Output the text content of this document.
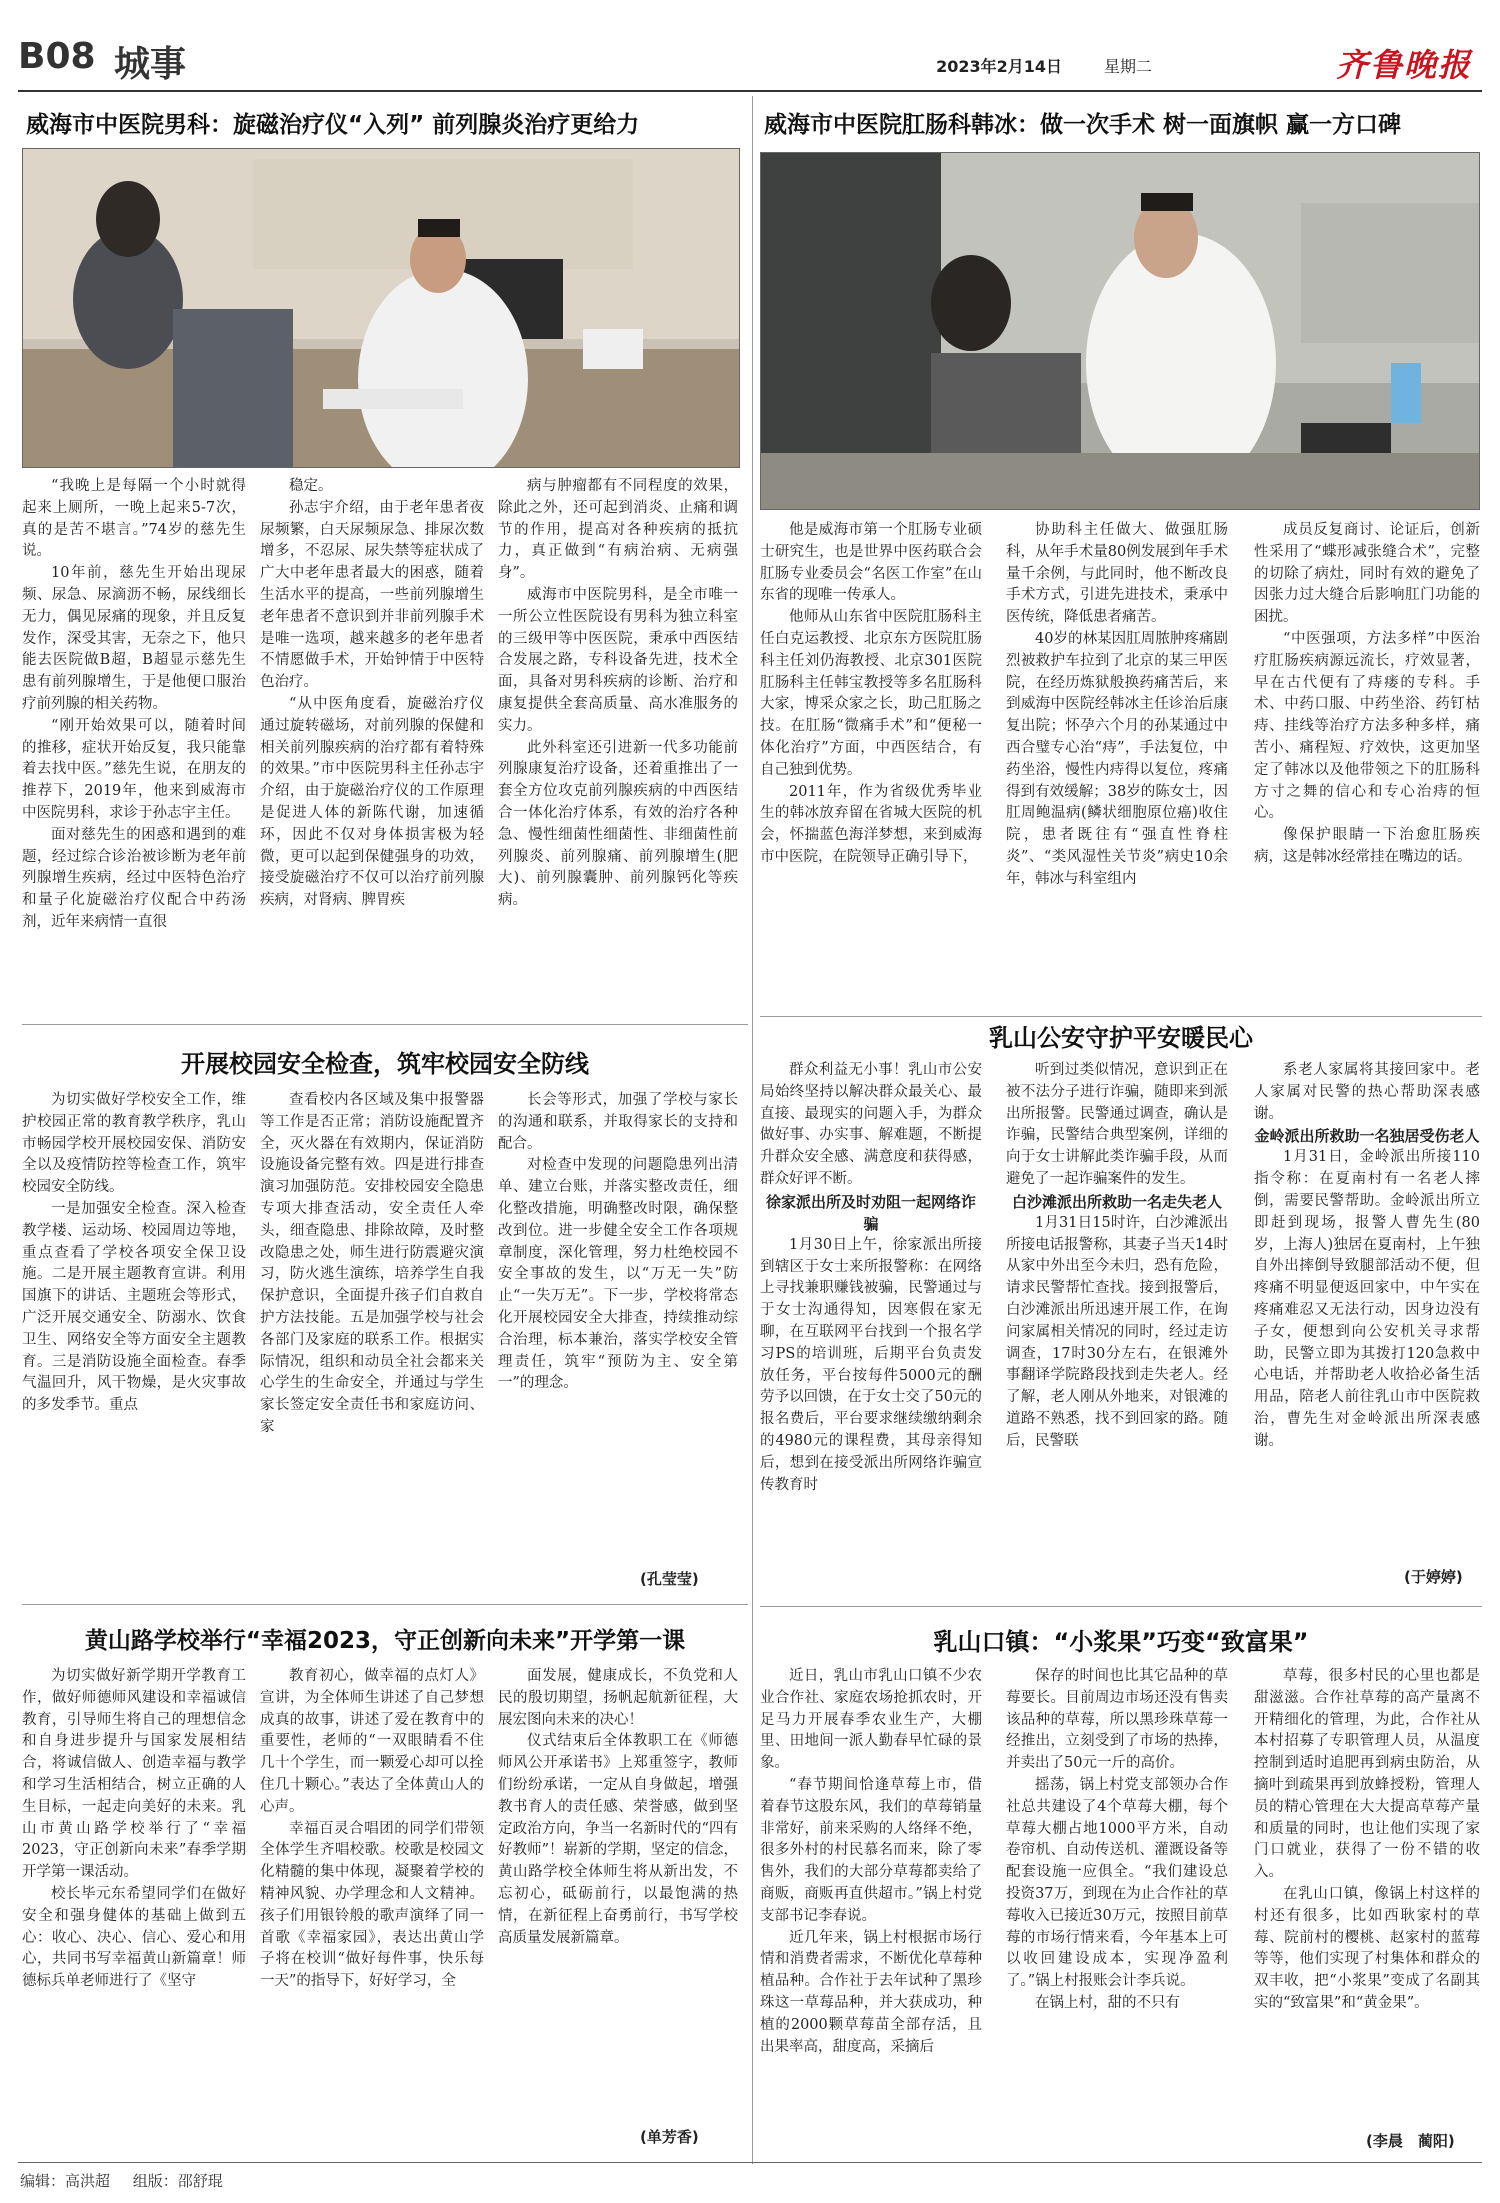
B08 城事	2023年2月14日	星期二	齐鲁晚报
威海市中医院男科：旋磁治疗仪“入列” 前列腺炎治疗更给力

“我晚上是每隔一个小时就得起来上厕所，一晚上起来5-7次，真的是苦不堪言。”74岁的慈先生说。

10年前，慈先生开始出现尿频、尿急、尿滴沥不畅，尿线细长无力，偶见尿痛的现象，并且反复发作，深受其害，无奈之下，他只能去医院做B超，B超显示慈先生患有前列腺增生，于是他便口服治疗前列腺的相关药物。

“刚开始效果可以，随着时间的推移，症状开始反复，我只能靠着去找中医。”慈先生说，在朋友的推荐下，2019年，他来到威海市中医院男科，求诊于孙志宇主任。

面对慈先生的困惑和遇到的难题，经过综合诊治被诊断为老年前列腺增生疾病，经过中医特色治疗和量子化旋磁治疗仪配合中药汤剂，近年来病情一直很

稳定。

孙志宇介绍，由于老年患者夜尿频繁，白天尿频尿急、排尿次数增多，不忍尿、尿失禁等症状成了广大中老年患者最大的困惑，随着生活水平的提高，一些前列腺增生老年患者不意识到并非前列腺手术是唯一选项，越来越多的老年患者不情愿做手术，开始钟情于中医特色治疗。

“从中医角度看，旋磁治疗仪通过旋转磁场，对前列腺的保健和相关前列腺疾病的治疗都有着特殊的效果。”市中医院男科主任孙志宇介绍，由于旋磁治疗仪的工作原理是促进人体的新陈代谢，加速循环，因此不仅对身体损害极为轻微，更可以起到保健强身的功效，接受旋磁治疗不仅可以治疗前列腺疾病，对肾病、脾胃疾

病与肿瘤都有不同程度的效果，除此之外，还可起到消炎、止痛和调节的作用，提高对各种疾病的抵抗力，真正做到“有病治病、无病强身”。

威海市中医院男科，是全市唯一一所公立性医院设有男科为独立科室的三级甲等中医医院，秉承中西医结合发展之路，专科设备先进，技术全面，具备对男科疾病的诊断、治疗和康复提供全套高质量、高水准服务的实力。

此外科室还引进新一代多功能前列腺康复治疗设备，还着重推出了一套全方位攻克前列腺疾病的中西医结合一体化治疗体系，有效的治疗各种急、慢性细菌性细菌性、非细菌性前列腺炎、前列腺痛、前列腺增生(肥大)、前列腺囊肿、前列腺钙化等疾病。

威海市中医院肛肠科韩冰：做一次手术 树一面旗帜 赢一方口碑

他是威海市第一个肛肠专业硕士研究生，也是世界中医药联合会肛肠专业委员会“名医工作室”在山东省的现唯一传承人。

他师从山东省中医院肛肠科主任白克运教授、北京东方医院肛肠科主任刘仍海教授、北京301医院肛肠科主任韩宝教授等多名肛肠科大家，博采众家之长，助己肛肠之技。在肛肠“微痛手术”和“便秘一体化治疗”方面，中西医结合，有自己独到优势。

2011年，作为省级优秀毕业生的韩冰放弃留在省城大医院的机会，怀揣蓝色海洋梦想，来到威海市中医院，在院领导正确引导下，

协助科主任做大、做强肛肠科，从年手术量80例发展到年手术量千余例，与此同时，他不断改良手术方式，引进先进技术，秉承中医传统，降低患者痛苦。

40岁的林某因肛周脓肿疼痛剧烈被救护车拉到了北京的某三甲医院，在经历炼狱般换药痛苦后，来到威海中医院经韩冰主任诊治后康复出院；怀孕六个月的孙某通过中西合璧专心治“痔”，手法复位，中药坐浴，慢性内痔得以复位，疼痛得到有效缓解；38岁的陈女士，因肛周鲍温病(鳞状细胞原位癌)收住院，患者既往有“强直性脊柱炎”、“类风湿性关节炎”病史10余年，韩冰与科室组内

成员反复商讨、论证后，创新性采用了“蝶形减张缝合术”，完整的切除了病灶，同时有效的避免了因张力过大缝合后影响肛门功能的困扰。

“中医强项，方法多样”中医治疗肛肠疾病源远流长，疗效显著，早在古代便有了痔瘘的专科。手术、中药口服、中药坐浴、药钉枯痔、挂线等治疗方法多种多样，痛苦小、痛程短、疗效快，这更加坚定了韩冰以及他带领之下的肛肠科方寸之舞的信心和专心治痔的恒心。

像保护眼睛一下治愈肛肠疾病，这是韩冰经常挂在嘴边的话。

开展校园安全检查，筑牢校园安全防线

为切实做好学校安全工作，维护校园正常的教育教学秩序，乳山市畅园学校开展校园安保、消防安全以及疫情防控等检查工作，筑牢校园安全防线。

一是加强安全检查。深入检查教学楼、运动场、校园周边等地，重点查看了学校各项安全保卫设施。二是开展主题教育宣讲。利用国旗下的讲话、主题班会等形式，广泛开展交通安全、防溺水、饮食卫生、网络安全等方面安全主题教育。三是消防设施全面检查。春季气温回升，风干物燥，是火灾事故的多发季节。重点

查看校内各区域及集中报警器等工作是否正常；消防设施配置齐全，灭火器在有效期内，保证消防设施设备完整有效。四是进行排查演习加强防范。安排校园安全隐患专项大排查活动，安全责任人牵头，细查隐患、排除故障，及时整改隐患之处，师生进行防震避灾演习，防火逃生演练，培养学生自我保护意识，全面提升孩子们自救自护方法技能。五是加强学校与社会各部门及家庭的联系工作。根据实际情况，组织和动员全社会都来关心学生的生命安全，并通过与学生家长签定安全责任书和家庭访问、家

长会等形式，加强了学校与家长的沟通和联系，并取得家长的支持和配合。

对检查中发现的问题隐患列出清单、建立台账，并落实整改责任，细化整改措施，明确整改时限，确保整改到位。进一步健全安全工作各项规章制度，深化管理，努力杜绝校园不安全事故的发生，以“万无一失”防止“一失万无”。下一步，学校将常态化开展校园安全大排查，持续推动综合治理，标本兼治，落实学校安全管理责任，筑牢“预防为主、安全第一”的理念。

(孔莹莹)
黄山路学校举行“幸福2023，守正创新向未来”开学第一课

为切实做好新学期开学教育工作，做好师德师风建设和幸福诚信教育，引导师生将自己的理想信念和自身进步提升与国家发展相结合，将诚信做人、创造幸福与教学和学习生活相结合，树立正确的人生目标，一起走向美好的未来。乳山市黄山路学校举行了“幸福2023，守正创新向未来”春季学期开学第一课活动。

校长毕元东希望同学们在做好安全和强身健体的基础上做到五心：收心、决心、信心、爱心和用心，共同书写幸福黄山新篇章！师德标兵单老师进行了《坚守

教育初心，做幸福的点灯人》宣讲，为全体师生讲述了自己梦想成真的故事，讲述了爱在教育中的重要性，老师的“一双眼睛看不住几十个学生，而一颗爱心却可以拴住几十颗心。”表达了全体黄山人的心声。

幸福百灵合唱团的同学们带领全体学生齐唱校歌。校歌是校园文化精髓的集中体现，凝聚着学校的精神风貌、办学理念和人文精神。孩子们用银铃般的歌声演绎了同一首歌《幸福家园》，表达出黄山学子将在校训“做好每件事，快乐每一天”的指导下，好好学习，全

面发展，健康成长，不负党和人民的殷切期望，扬帆起航新征程，大展宏图向未来的决心！

仪式结束后全体教职工在《师德师风公开承诺书》上郑重签字，教师们纷纷承诺，一定从自身做起，增强教书育人的责任感、荣誉感，做到坚定政治方向，争当一名新时代的“四有好教师”！崭新的学期，坚定的信念，黄山路学校全体师生将从新出发，不忘初心，砥砺前行，以最饱满的热情，在新征程上奋勇前行，书写学校高质量发展新篇章。

(单芳香)
乳山公安守护平安暖民心

群众利益无小事！乳山市公安局始终坚持以解决群众最关心、最直接、最现实的问题入手，为群众做好事、办实事、解难题，不断提升群众安全感、满意度和获得感，群众好评不断。

徐家派出所及时劝阻一起网络诈骗

1月30日上午，徐家派出所接到辖区于女士来所报警称：在网络上寻找兼职赚钱被骗，民警通过与于女士沟通得知，因寒假在家无聊，在互联网平台找到一个报名学习PS的培训班，后期平台负责发放任务，平台按每件5000元的酬劳予以回馈，在于女士交了50元的报名费后，平台要求继续缴纳剩余的4980元的课程费，其母亲得知后，想到在接受派出所网络诈骗宣传教育时

听到过类似情况，意识到正在被不法分子进行诈骗，随即来到派出所报警。民警通过调查，确认是诈骗，民警结合典型案例，详细的向于女士讲解此类诈骗手段，从而避免了一起诈骗案件的发生。

白沙滩派出所救助一名走失老人

1月31日15时许，白沙滩派出所接电话报警称，其妻子当天14时从家中外出至今未归，恐有危险，请求民警帮忙查找。接到报警后，白沙滩派出所迅速开展工作，在询问家属相关情况的同时，经过走访调查，17时30分左右，在银滩外事翻译学院路段找到走失老人。经了解，老人刚从外地来，对银滩的道路不熟悉，找不到回家的路。随后，民警联

系老人家属将其接回家中。老人家属对民警的热心帮助深表感谢。

金岭派出所救助一名独居受伤老人

1月31日，金岭派出所接110指令称：在夏南村有一名老人摔倒，需要民警帮助。金岭派出所立即赶到现场，报警人曹先生(80岁，上海人)独居在夏南村，上午独自外出摔倒导致腿部活动不便，但疼痛不明显便返回家中，中午实在疼痛难忍又无法行动，因身边没有子女，便想到向公安机关寻求帮助，民警立即为其拨打120急救中心电话，并帮助老人收拾必备生活用品，陪老人前往乳山市中医院救治，曹先生对金岭派出所深表感谢。

(于婷婷)
乳山口镇：“小浆果”巧变“致富果”

近日，乳山市乳山口镇不少农业合作社、家庭农场抢抓农时，开足马力开展春季农业生产，大棚里、田地间一派人勤春早忙碌的景象。

“春节期间恰逢草莓上市，借着春节这股东风，我们的草莓销量非常好，前来采购的人络绎不绝，很多外村的村民慕名而来，除了零售外，我们的大部分草莓都卖给了商贩，商贩再直供超市。”锅上村党支部书记李春说。

近几年来，锅上村根据市场行情和消费者需求，不断优化草莓种植品种。合作社于去年试种了黑珍珠这一草莓品种，并大获成功，种植的2000颗草莓苗全部存活，且出果率高，甜度高，采摘后

保存的时间也比其它品种的草莓要长。目前周边市场还没有售卖该品种的草莓，所以黑珍珠草莓一经推出，立刻受到了市场的热捧，并卖出了50元一斤的高价。

摇荡，锅上村党支部领办合作社总共建设了4个草莓大棚，每个草莓大棚占地1000平方米，自动卷帘机、自动传送机、灌溉设备等配套设施一应俱全。“我们建设总投资37万，到现在为止合作社的草莓收入已接近30万元，按照目前草莓的市场行情来看，今年基本上可以收回建设成本，实现净盈利了。”锅上村报账会计李兵说。

在锅上村，甜的不只有

草莓，很多村民的心里也都是甜滋滋。合作社草莓的高产量离不开精细化的管理，为此，合作社从本村招募了专职管理人员，从温度控制到适时追肥再到病虫防治，从摘叶到疏果再到放蜂授粉，管理人员的精心管理在大大提高草莓产量和质量的同时，也让他们实现了家门口就业，获得了一份不错的收入。

在乳山口镇，像锅上村这样的村还有很多，比如西耿家村的草莓、院前村的樱桃、赵家村的蓝莓等等，他们实现了村集体和群众的双丰收，把“小浆果”变成了名副其实的“致富果”和“黄金果”。

(李晨　蔺阳)
编辑：高洪超 组版：邵舒琨
